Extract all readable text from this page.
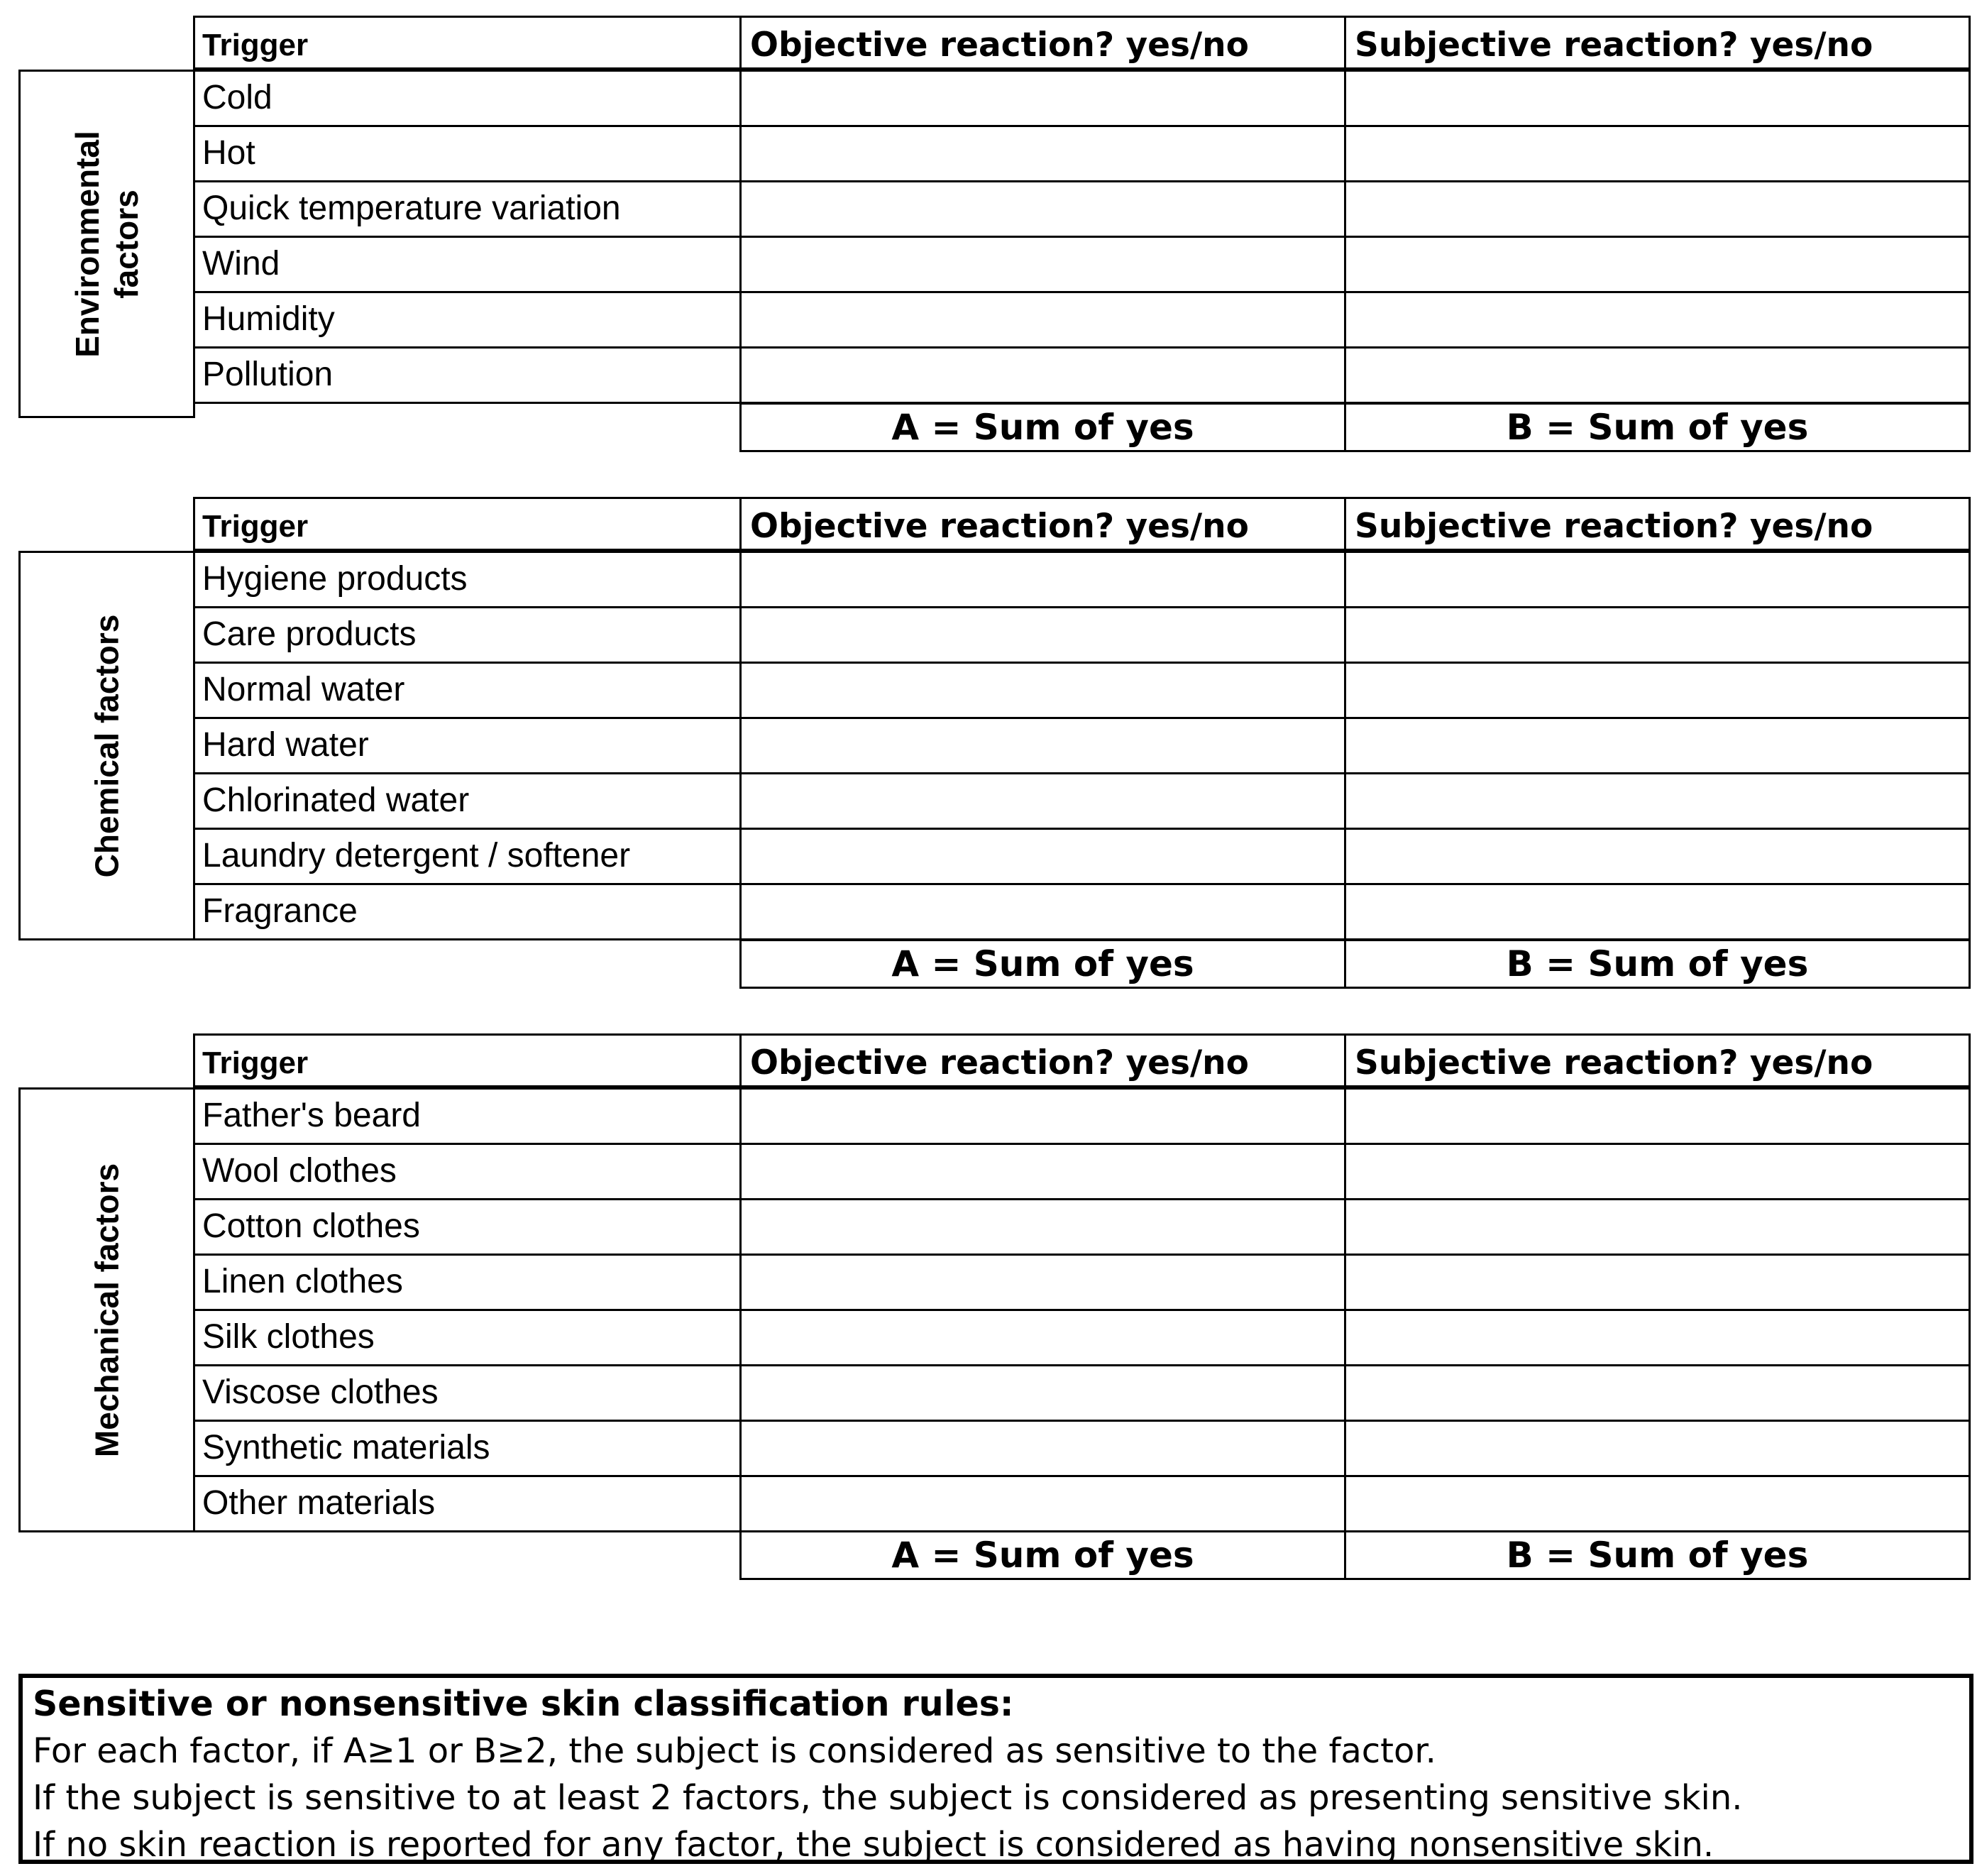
Trigger	Objective reaction? yes/no	Subjective reaction? yes/no
Environmental
factors
Cold
Hot
Quick temperature variation
Wind
Humidity
Pollution
A = Sum of yes	B = Sum of yes
Trigger	Objective reaction? yes/no	Subjective reaction? yes/no
Chemical factors
Hygiene products
Care products
Normal water
Hard water
Chlorinated water
Laundry detergent / softener
Fragrance
A = Sum of yes	B = Sum of yes
Trigger	Objective reaction? yes/no	Subjective reaction? yes/no
Mechanical factors
Father's beard
Wool clothes
Cotton clothes
Linen clothes
Silk clothes
Viscose clothes
Synthetic materials
Other materials
A = Sum of yes	B = Sum of yes
Sensitive or nonsensitive skin classification rules:
For each factor, if A≥1 or B≥2, the subject is considered as sensitive to the factor.
If the subject is sensitive to at least 2 factors, the subject is considered as presenting sensitive skin.
If no skin reaction is reported for any factor, the subject is considered as having nonsensitive skin.
